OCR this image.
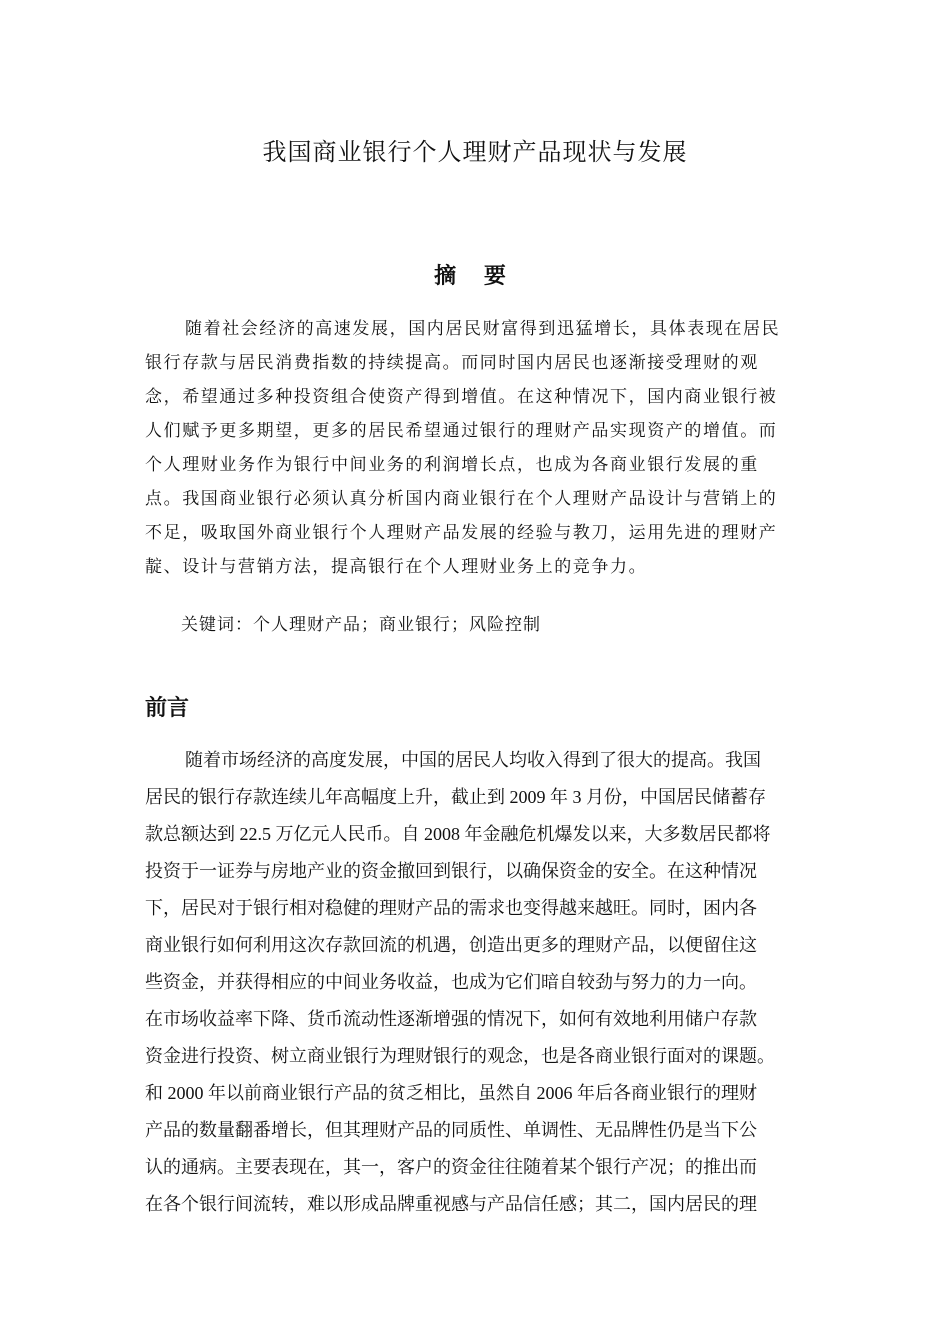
我国商业银行个人理财产品现状与发展
摘 要
随着社会经济的高速发展，国内居民财富得到迅猛增长，具体表现在居民
银行存款与居民消费指数的持续提高。而同时国内居民也逐渐接受理财的观
念，希望通过多种投资组合使资产得到增值。在这种情况下，国内商业银行被
人们赋予更多期望，更多的居民希望通过银行的理财产品实现资产的增值。而
个人理财业务作为银行中间业务的利润增长点，也成为各商业银行发展的重
点。我国商业银行必须认真分析国内商业银行在个人理财产品设计与营销上的
不足，吸取国外商业银行个人理财产品发展的经验与教刀，运用先进的理财产
靛、设计与营销方法，提高银行在个人理财业务上的竞争力。
关键词：个人理财产品；商业银行；风险控制
前言
随着市场经济的高度发展，中国的居民人均收入得到了很大的提高。我国
居民的银行存款连续儿年高幅度上升，截止到 2009 年 3 月份，中国居民储蓄存
款总额达到 22.5 万亿元人民币。自 2008 年金融危机爆发以来，大多数居民都将
投资于一证券与房地产业的资金撤回到银行，以确保资金的安全。在这种情况
下，居民对于银行相对稳健的理财产品的需求也变得越来越旺。同时，困内各
商业银行如何利用这次存款回流的机遇，创造出更多的理财产品，以便留住这
些资金，并获得相应的中间业务收益，也成为它们暗自较劲与努力的力一向。
在市场收益率下降、货币流动性逐渐增强的情况下，如何有效地利用储户存款
资金进行投资、树立商业银行为理财银行的观念，也是各商业银行面对的课题。
和 2000 年以前商业银行产品的贫乏相比，虽然自 2006 年后各商业银行的理财
产品的数量翻番增长，但其理财产品的同质性、单调性、无品牌性仍是当下公
认的通病。主要表现在，其一，客户的资金往往随着某个银行产况；的推出而
在各个银行间流转，难以形成品牌重视感与产品信任感；其二，国内居民的理
